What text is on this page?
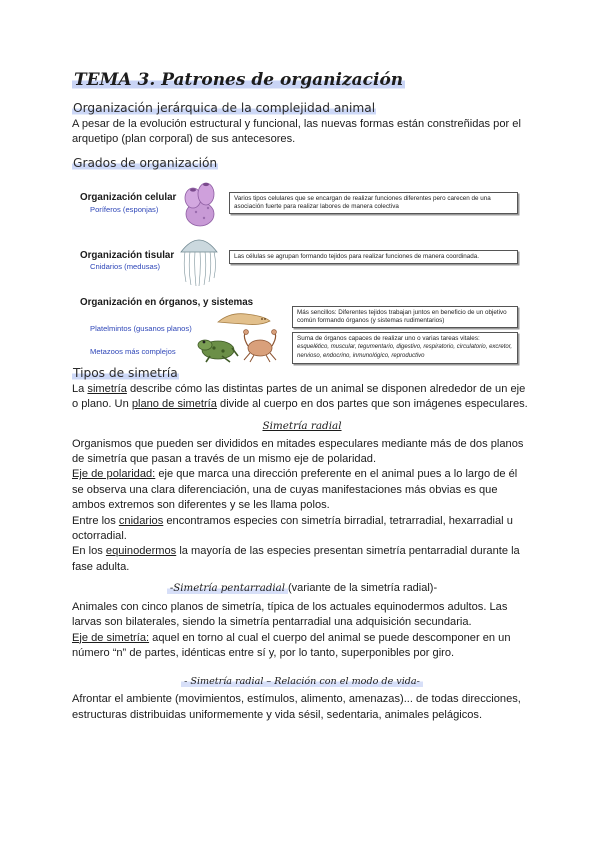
TEMA 3. Patrones de organización
Organización jerárquica de la complejidad animal

A pesar de la evolución estructural y funcional, las nuevas formas están constreñidas por el arquetipo (plan corporal) de sus antecesores.

Grados de organización
Organización celular
Poríferos (esponjas)
Varios tipos celulares que se encargan de realizar funciones diferentes pero carecen de una asociación fuerte para realizar labores de manera colectiva
Organización tisular
Cnidarios (medusas)
Las células se agrupan formando tejidos para realizar funciones de manera coordinada.
Organización en órganos, y sistemas
Platelmintos (gusanos planos)
Metazoos más complejos
Más sencillos: Diferentes tejidos trabajan juntos en beneficio de un objetivo común formando órganos (y sistemas rudimentarios)
Suma de órganos capaces de realizar uno o varias tareas vitales: esquelético, muscular, tegumentario, digestivo, respiratorio, circulatorio, excretor, nervioso, endocrino, inmunológico, reproductivo
Tipos de simetría

La simetría describe cómo las distintas partes de un animal se disponen alrededor de un eje o plano. Un plano de simetría divide al cuerpo en dos partes que son imágenes especulares.

Simetría radial

Organismos que pueden ser divididos en mitades especulares mediante más de dos planos de simetría que pasan a través de un mismo eje de polaridad.

Eje de polaridad: eje que marca una dirección preferente en el animal pues a lo largo de él se observa una clara diferenciación, una de cuyas manifestaciones más obvias es que ambos extremos son diferentes y se les llama polos.

Entre los cnidarios encontramos especies con simetría birradial, tetrarradial, hexarradial u octorradial.

En los equinodermos la mayoría de las especies presentan simetría pentarradial durante la fase adulta.

-Simetría pentarradial (variante de la simetría radial)-

Animales con cinco planos de simetría, típica de los actuales equinodermos adultos. Las larvas son bilaterales, siendo la simetría pentarradial una adquisición secundaria.

Eje de simetría: aquel en torno al cual el cuerpo del animal se puede descomponer en un número “n” de partes, idénticas entre sí y, por lo tanto, superponibles por giro.

- Simetría radial – Relación con el modo de vida-

Afrontar el ambiente (movimientos, estímulos, alimento, amenazas)... de todas direcciones, estructuras distribuidas uniformemente y vida sésil, sedentaria, animales pelágicos.
